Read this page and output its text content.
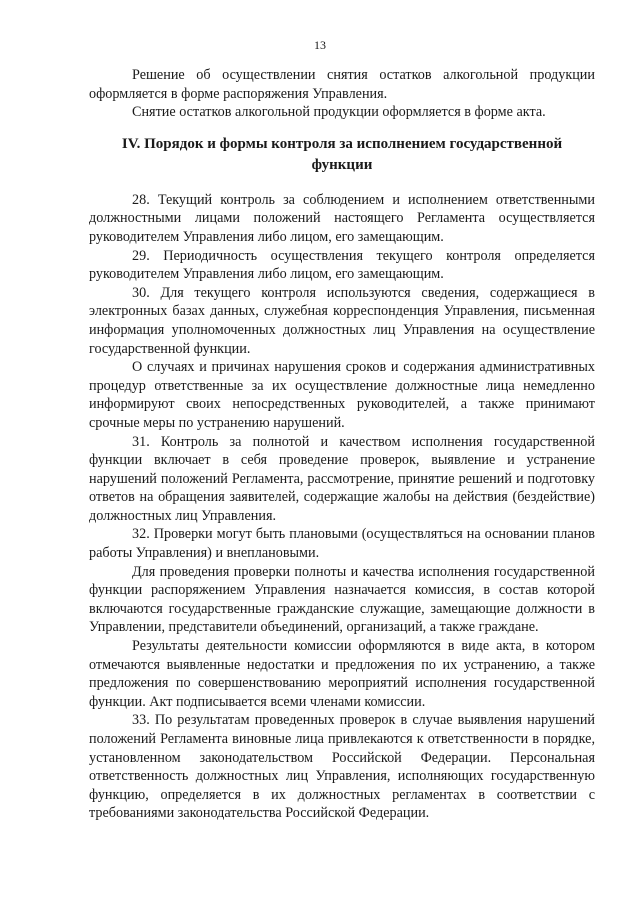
13

Решение об осуществлении снятия остатков алкогольной продукции оформляется в форме распоряжения Управления.

Снятие остатков алкогольной продукции оформляется в форме акта.

IV. Порядок и формы контроля за исполнением государственной функции

28. Текущий контроль за соблюдением и исполнением ответственными должностными лицами положений настоящего Регламента осуществляется руководителем Управления либо лицом, его замещающим.

29. Периодичность осуществления текущего контроля определяется руководителем Управления либо лицом, его замещающим.

30. Для текущего контроля используются сведения, содержащиеся в электронных базах данных, служебная корреспонденция Управления, письменная информация уполномоченных должностных лиц Управления на осуществление государственной функции.

О случаях и причинах нарушения сроков и содержания административных процедур ответственные за их осуществление должностные лица немедленно информируют своих непосредственных руководителей, а также принимают срочные меры по устранению нарушений.

31. Контроль за полнотой и качеством исполнения государственной функции включает в себя проведение проверок, выявление и устранение нарушений положений Регламента, рассмотрение, принятие решений и подготовку ответов на обращения заявителей, содержащие жалобы на действия (бездействие) должностных лиц Управления.

32. Проверки могут быть плановыми (осуществляться на основании планов работы Управления) и внеплановыми.

Для проведения проверки полноты и качества исполнения государственной функции распоряжением Управления назначается комиссия, в состав которой включаются государственные гражданские служащие, замещающие должности в Управлении, представители объединений, организаций, а также граждане.

Результаты деятельности комиссии оформляются в виде акта, в котором отмечаются выявленные недостатки и предложения по их устранению, а также предложения по совершенствованию мероприятий исполнения государственной функции. Акт подписывается всеми членами комиссии.

33. По результатам проведенных проверок в случае выявления нарушений положений Регламента виновные лица привлекаются к ответственности в порядке, установленном законодательством Российской Федерации. Персональная ответственность должностных лиц Управления, исполняющих государственную функцию, определяется в их должностных регламентах в соответствии с требованиями законодательства Российской Федерации.
